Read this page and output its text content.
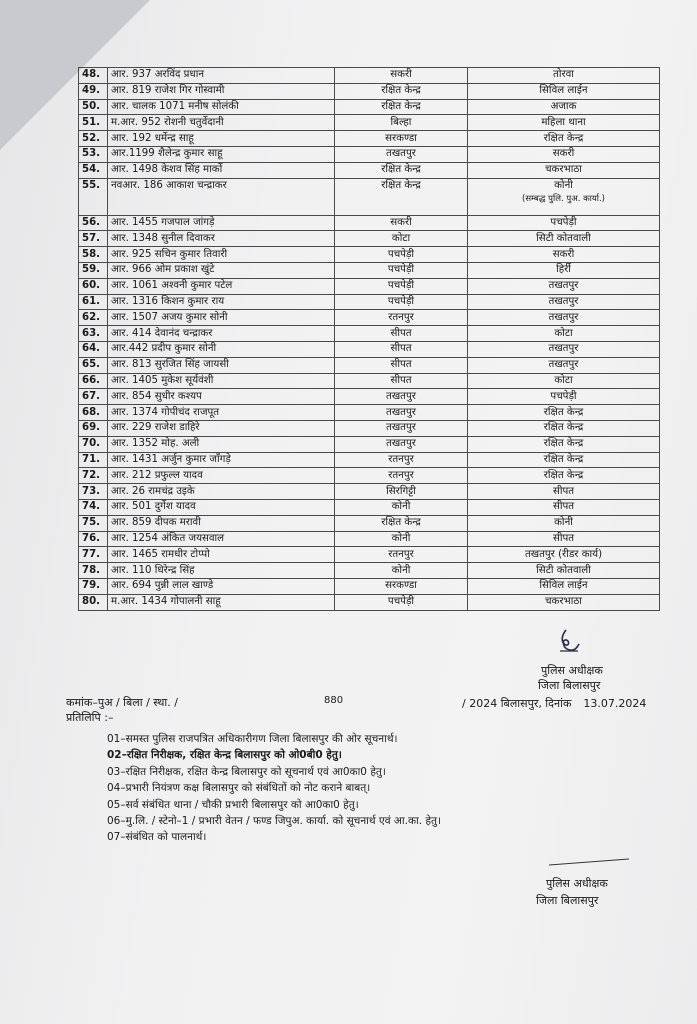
48.	आर. 937 अरविंद प्रधान	सकरी	तोरवा
49.	आर. 819 राजेश गिर गोस्वामी	रक्षित केन्द्र	सिविल लाईन
50.	आर. चालक 1071 मनीष सोलंकी	रक्षित केन्द्र	अजाक
51.	म.आर. 952 रोशनी चतुर्वेदानी	बिल्हा	महिला थाना
52.	आर. 192 धर्मेन्द्र साहू	सरकण्डा	रक्षित केन्द्र
53.	आर.1199 शैलेन्द्र कुमार साहू	तखतपुर	सकरी
54.	आर. 1498 केशव सिंह मार्को	रक्षित केन्द्र	चकरभाठा
55.	नवआर. 186 आकाश चन्द्राकर	रक्षित केन्द्र	कोनी
(सम्बद्ध पुलि. पुअ. कार्या.)

56.	आर. 1455 गजपाल जांगड़े	सकरी	पचपेड़ी
57.	आर. 1348 सुनील दिवाकर	कोटा	सिटी कोतवाली
58.	आर. 925 सचिन कुमार तिवारी	पचपेड़ी	सकरी
59.	आर. 966 ओम प्रकाश खुंटे	पचपेड़ी	हिर्री
60.	आर. 1061 अश्वनी कुमार पटेल	पचपेड़ी	तखतपुर
61.	आर. 1316 किशन कुमार राय	पचपेड़ी	तखतपुर
62.	आर. 1507 अजय कुमार सोनी	रतनपुर	तखतपुर
63.	आर. 414 देवानंद चन्द्राकर	सीपत	कोटा
64.	आर.442 प्रदीप कुमार सोनी	सीपत	तखतपुर
65.	आर. 813 सुरजित सिंह जायसी	सीपत	तखतपुर
66.	आर. 1405 मुकेश सूर्यवंशी	सीपत	कोटा
67.	आर. 854 सुधीर कश्यप	तखतपुर	पचपेड़ी
68.	आर. 1374 गोपीचंद राजपूत	तखतपुर	रक्षित केन्द्र
69.	आर. 229 राजेश डाहिरे	तखतपुर	रक्षित केन्द्र
70.	आर. 1352 मोह. अली	तखतपुर	रक्षित केन्द्र
71.	आर. 1431 अर्जुन कुमार जॉंगड़े	रतनपुर	रक्षित केन्द्र
72.	आर. 212 प्रफुल्ल यादव	रतनपुर	रक्षित केन्द्र
73.	आर. 26 रामचंद्र उइके	सिरगिट्टी	सीपत
74.	आर. 501 दुर्गेश यादव	कोनी	सीपत
75.	आर. 859 दीपक मरावी	रक्षित केन्द्र	कोनी
76.	आर. 1254 अंकित जयसवाल	कोनी	सीपत
77.	आर. 1465 रामधीर टोप्पो	रतनपुर	तखतपुर (रीडर कार्य)
78.	आर. 110 धिरेन्द्र सिंह	कोनी	सिटी कोतवाली
79.	आर. 694 पुन्नी लाल खाण्डे	सरकण्डा	सिविल लाईन
80.	म.आर. 1434 गोपालनी साहू	पचपेड़ी	चकरभाठा
पुलिस अधीक्षक
जिला बिलासपुर
कमांक–पुअ / बिला / स्था. /	880	/ 2024 बिलासपुर, दिनांक 13.07.2024
प्रतिलिपि :–
01–समस्त पुलिस राजपत्रित अधिकारीगण जिला बिलासपुर की ओर सूचनार्थ।
02–रक्षित निरीक्षक, रक्षित केन्द्र बिलासपुर को ओ0बी0 हेतु।
03–रक्षित निरीक्षक, रक्षित केन्द्र बिलासपुर को सूचनार्थ एवं आ0का0 हेतु।
04–प्रभारी नियंत्रण कक्ष बिलासपुर को संबंधितों को नोट कराने बाबत्।
05–सर्व संबंधित थाना / चौकी प्रभारी बिलासपुर को आ0का0 हेतु।
06–मु.लि. / स्टेनो–1 / प्रभारी वेतन / फण्ड जिपुअ. कार्या. को सूचनार्थ एवं आ.का. हेतु।
07–संबंधित को पालनार्थ।
पुलिस अधीक्षक
जिला बिलासपुर
